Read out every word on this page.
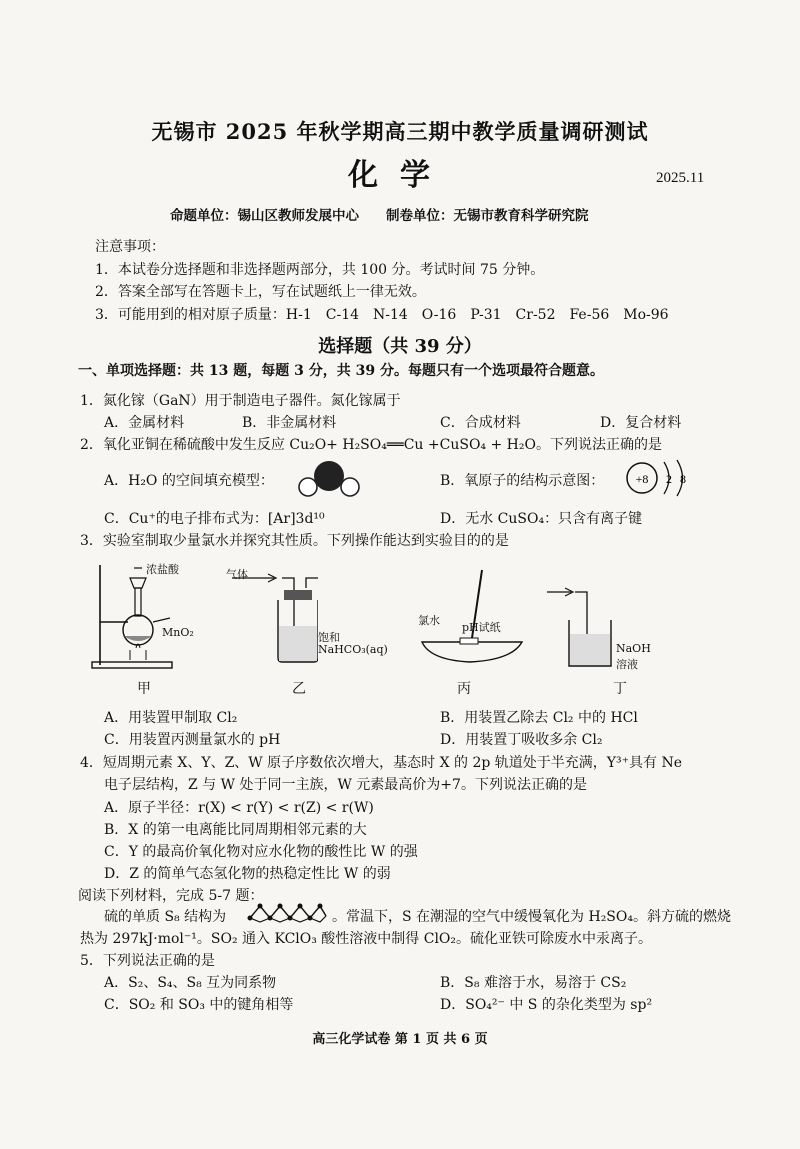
无锡市 2025 年秋学期高三期中教学质量调研测试
化学	2025.11
命题单位：锡山区教师发展中心　　制卷单位：无锡市教育科学研究院
注意事项：
1．本试卷分选择题和非选择题两部分，共 100 分。考试时间 75 分钟。
2．答案全部写在答题卡上，写在试题纸上一律无效。
3．可能用到的相对原子质量：H-1　C-14　N-14　O-16　P-31　Cr-52　Fe-56　Mo-96
选择题（共 39 分）
一、单项选择题：共 13 题，每题 3 分，共 39 分。每题只有一个选项最符合题意。
1．氮化镓（GaN）用于制造电子器件。氮化镓属于
A．金属材料	B．非金属材料	C．合成材料	D．复合材料
2．氧化亚铜在稀硫酸中发生反应 Cu₂O+ H₂SO₄══Cu +CuSO₄ + H₂O。下列说法正确的是
A．H₂O 的空间填充模型：	B．氧原子的结构示意图：	+8 2 8
C．Cu⁺的电子排布式为：[Ar]3d¹⁰	D．无水 CuSO₄：只含有离子键
3．实验室制取少量氯水并探究其性质。下列操作能达到实验目的的是
浓盐酸
MnO₂
气体
饱和
NaHCO₃(aq)
氯水
pH试纸
NaOH
溶液
甲	乙	丙	丁
A．用装置甲制取 Cl₂	B．用装置乙除去 Cl₂ 中的 HCl
C．用装置丙测量氯水的 pH	D．用装置丁吸收多余 Cl₂
4．短周期元素 X、Y、Z、W 原子序数依次增大，基态时 X 的 2p 轨道处于半充满，Y³⁺具有 Ne
电子层结构，Z 与 W 处于同一主族，W 元素最高价为+7。下列说法正确的是
A．原子半径：r(X) < r(Y) < r(Z) < r(W)
B．X 的第一电离能比同周期相邻元素的大
C．Y 的最高价氧化物对应水化物的酸性比 W 的强
D．Z 的简单气态氢化物的热稳定性比 W 的弱
阅读下列材料，完成 5-7 题：
硫的单质 S₈ 结构为	。常温下，S 在潮湿的空气中缓慢氧化为 H₂SO₄。斜方硫的燃烧
热为 297kJ·mol⁻¹。SO₂ 通入 KClO₃ 酸性溶液中制得 ClO₂。硫化亚铁可除废水中汞离子。
5．下列说法正确的是
A．S₂、S₄、S₈ 互为同系物	B．S₈ 难溶于水，易溶于 CS₂
C．SO₂ 和 SO₃ 中的键角相等	D．SO₄²⁻ 中 S 的杂化类型为 sp²
高三化学试卷 第 1 页 共 6 页
